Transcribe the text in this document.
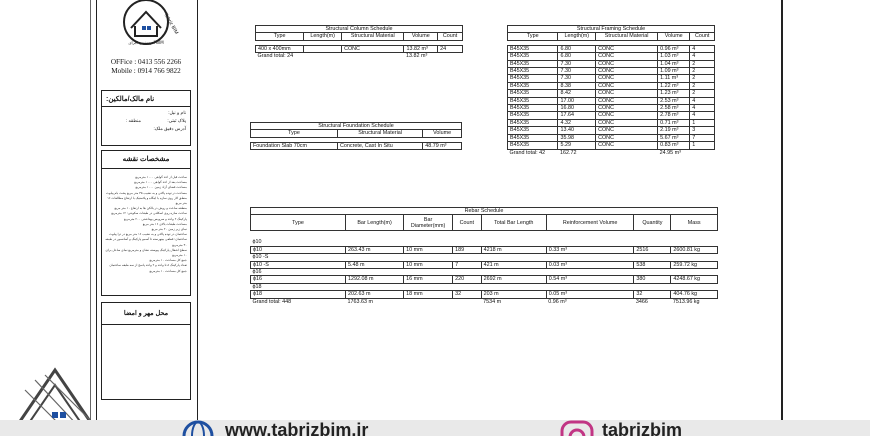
Tabriz BIM
آموزش و اجرای BIM
OFFice : 0413 556 2266
Mobile : 0914 766 9822
نام مالک/مالکین:
نام و نیل:
پلاک ثبتی:
منطقه :
آدرس دقیق ملک:
مشخصات نقشه
ساخت قبل از اخذ گواهی ۱۰۰۰ مترمربع
مساحت بعد از اخذ گواهی ۱۰۰۰ مترمربع
مساحت فضای آزاد زمین ۱۰۰۰ مترمربع
مساحت در توده پاکتی و به نشیب ۴۵ متر مربع پشت بام پیلوت
منطق کار روی سازه با اینگاه و پلاستیک با ارتفاع مطالعات ۱۶ متر مربع
منطقه ساخت و روش در بالکن ها به ارتفاع ۱۰ متر مربع
ساخت سازه روی اسکلتی در طبقات سکونتی: ۱۲ مترمربع
پارکینگ ۲ واحد و سرویس بهداشتی ۲۰۰ مترمربع
مساحت طبقات بالای ۱۶ متر مربع
نمای زیر زمین ۲۰ متر مربع
ساختمان در توده پاکتی و به نشیب ۱۶ متر مربع در ترا پیلوت
ساختمان: قطعی بینهرسته تا آسمو پارکینگ و آسانسور در طبقه ۳۰ مترمربع
سطح اشغال پارکینگ پیوسته نشان و مترمربع نمای ساحل برای ۱۰ مترمربع
جمع کل مساحت ۱۰ مترمربع
تعداد پارکینگ ۸ تا واحد و ۲ واحد پاسخ از سه طبقه ساختمان
جمع کل مساحت ۱۰ مترمربع
محل مهر و امضا
Structural Column Schedule				
Type	Length(m)	Structural Material	Volume	Count

400 x 400mm		CONC	13.82 m³	24
Grand total: 24			13.82 m³	
Structural Foundation Schedule		
Type	Structural Material	Volume

Foundation Slab 70cm	Concrete, Cast In Situ	48.79 m³
Structural Framing Schedule				
Type	Length(m)	Structural Material	Volume	Count

B45X35	6.80	CONC	0.96 m³	4
B45X35	6.80	CONC	1.03 m³	4
B45X35	7.30	CONC	1.04 m³	2
B45X35	7.30	CONC	1.09 m³	2
B45X35	7.30	CONC	1.11 m³	2
B45X35	8.38	CONC	1.22 m³	2
B45X35	8.42	CONC	1.23 m³	2
B45X35	17.00	CONC	2.53 m³	4
B45X35	16.80	CONC	2.58 m³	4
B45X35	17.64	CONC	2.78 m³	4
B45X35	4.32	CONC	0.71 m³	1
B45X35	13.40	CONC	2.19 m³	3
B45X35	35.98	CONC	5.67 m³	7
B45X35	5.29	CONC	0.83 m³	1
Grand total: 42	162.72		24.95 m³	
Rebar Schedule							
Type	Bar Length(m)	Bar Diameter(mm)	Count	Total Bar Length	Reinforcement Volume	Quantity	Mass

ϕ10							
ϕ10	263.43 m	10 mm	189	4218 m	0.33 m³	2516	2600.81 kg
ϕ10 -S							
ϕ10 -S	5.48 m	10 mm	7	421 m	0.03 m³	538	259.72 kg
ϕ16							
ϕ16	1292.08 m	16 mm	220	2692 m	0.54 m³	380	4248.67 kg
ϕ18							
ϕ18	202.63 m	18 mm	32	203 m	0.05 m³	32	404.76 kg
Grand total: 448	1763.63 m			7534 m	0.96 m³	3466	7513.96 kg
www.tabrizbim.ir	tabrizbim
